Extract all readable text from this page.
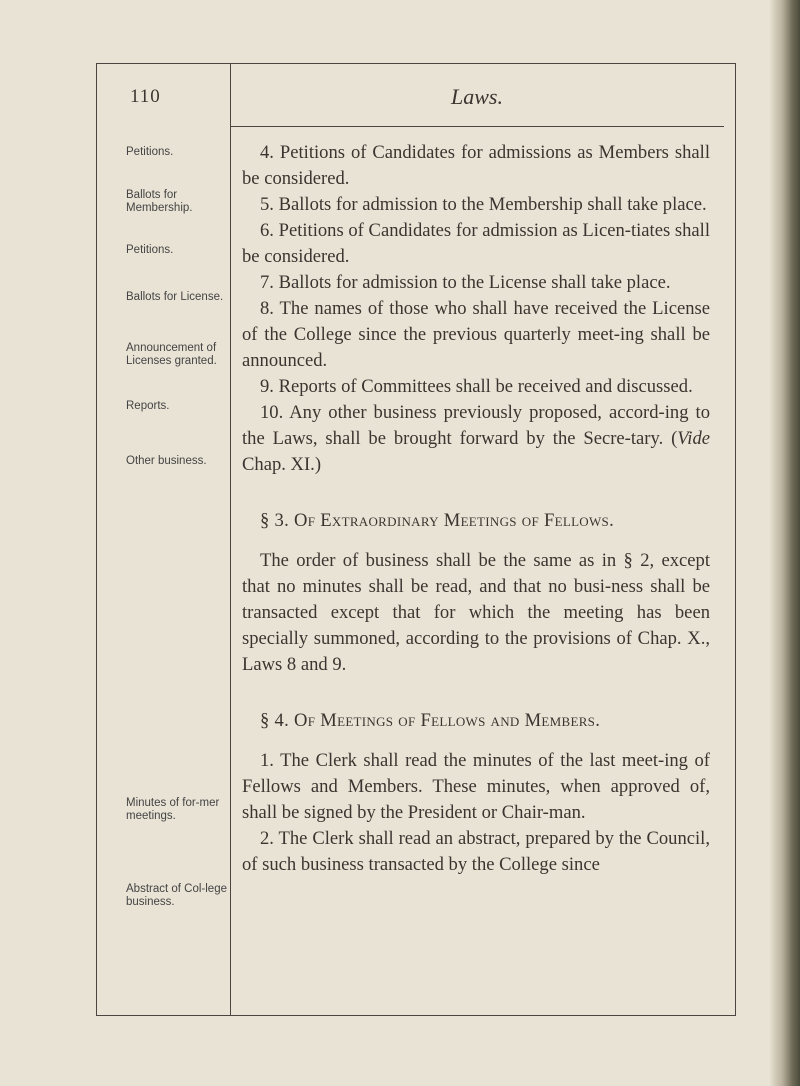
110	Laws.
Petitions.
Ballots for Membership.
Petitions.
Ballots for License.
Announcement of Licenses granted.
Reports.
Other business.
Minutes of for-mer meetings.
Abstract of Col-lege business.

4. Petitions of Candidates for admissions as Members shall be considered.

5. Ballots for admission to the Membership shall take place.

6. Petitions of Candidates for admission as Licen-tiates shall be considered.

7. Ballots for admission to the License shall take place.

8. The names of those who shall have received the License of the College since the previous quarterly meet-ing shall be announced.

9. Reports of Committees shall be received and discussed.

10. Any other business previously proposed, accord-ing to the Laws, shall be brought forward by the Secre-tary. (Vide Chap. XI.)

§ 3. Of Extraordinary Meetings of Fellows.

The order of business shall be the same as in § 2, except that no minutes shall be read, and that no busi-ness shall be transacted except that for which the meeting has been specially summoned, according to the provisions of Chap. X., Laws 8 and 9.

§ 4. Of Meetings of Fellows and Members.

1. The Clerk shall read the minutes of the last meet-ing of Fellows and Members. These minutes, when approved of, shall be signed by the President or Chair-man.

2. The Clerk shall read an abstract, prepared by the Council, of such business transacted by the College since
